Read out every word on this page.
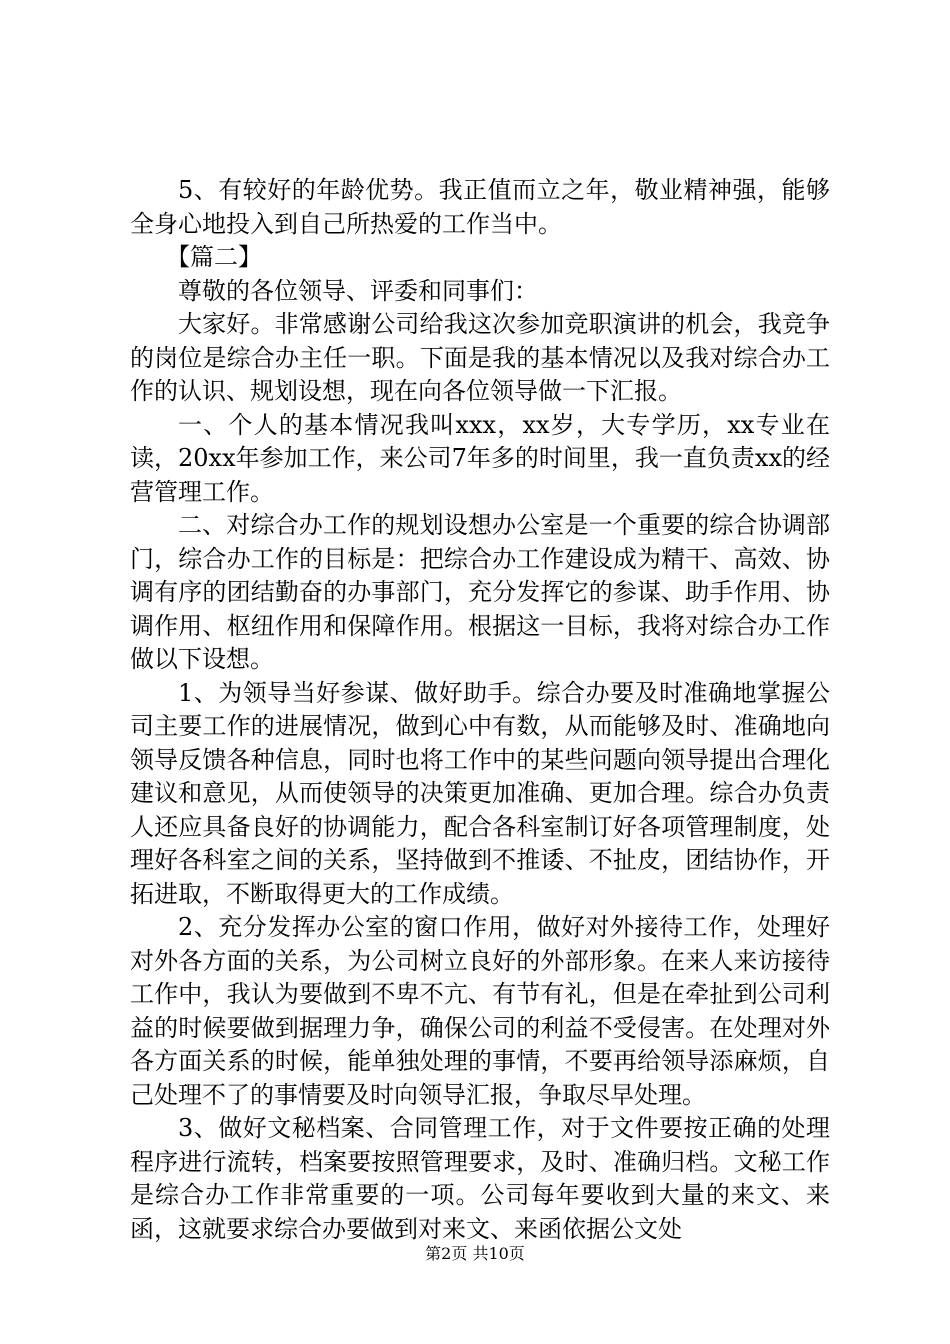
5、有较好的年龄优势。我正值而立之年，敬业精神强，能够全身心地投入到自己所热爱的工作当中。

【篇二】

尊敬的各位领导、评委和同事们：

大家好。非常感谢公司给我这次参加竞职演讲的机会，我竞争的岗位是综合办主任一职。下面是我的基本情况以及我对综合办工作的认识、规划设想，现在向各位领导做一下汇报。

一、个人的基本情况我叫xxx，xx岁，大专学历，xx专业在读，20xx年参加工作，来公司7年多的时间里，我一直负责xx的经营管理工作。

二、对综合办工作的规划设想办公室是一个重要的综合协调部门，综合办工作的目标是：把综合办工作建设成为精干、高效、协调有序的团结勤奋的办事部门，充分发挥它的参谋、助手作用、协调作用、枢纽作用和保障作用。根据这一目标，我将对综合办工作做以下设想。

1、为领导当好参谋、做好助手。综合办要及时准确地掌握公司主要工作的进展情况，做到心中有数，从而能够及时、准确地向领导反馈各种信息，同时也将工作中的某些问题向领导提出合理化建议和意见，从而使领导的决策更加准确、更加合理。综合办负责人还应具备良好的协调能力，配合各科室制订好各项管理制度，处理好各科室之间的关系，坚持做到不推诿、不扯皮，团结协作，开拓进取，不断取得更大的工作成绩。

2、充分发挥办公室的窗口作用，做好对外接待工作，处理好对外各方面的关系，为公司树立良好的外部形象。在来人来访接待工作中，我认为要做到不卑不亢、有节有礼，但是在牵扯到公司利益的时候要做到据理力争，确保公司的利益不受侵害。在处理对外各方面关系的时候，能单独处理的事情，不要再给领导添麻烦，自己处理不了的事情要及时向领导汇报，争取尽早处理。

3、做好文秘档案、合同管理工作，对于文件要按正确的处理程序进行流转，档案要按照管理要求，及时、准确归档。文秘工作是综合办工作非常重要的一项。公司每年要收到大量的来文、来函，这就要求综合办要做到对来文、来函依据公文处

第2页 共10页
